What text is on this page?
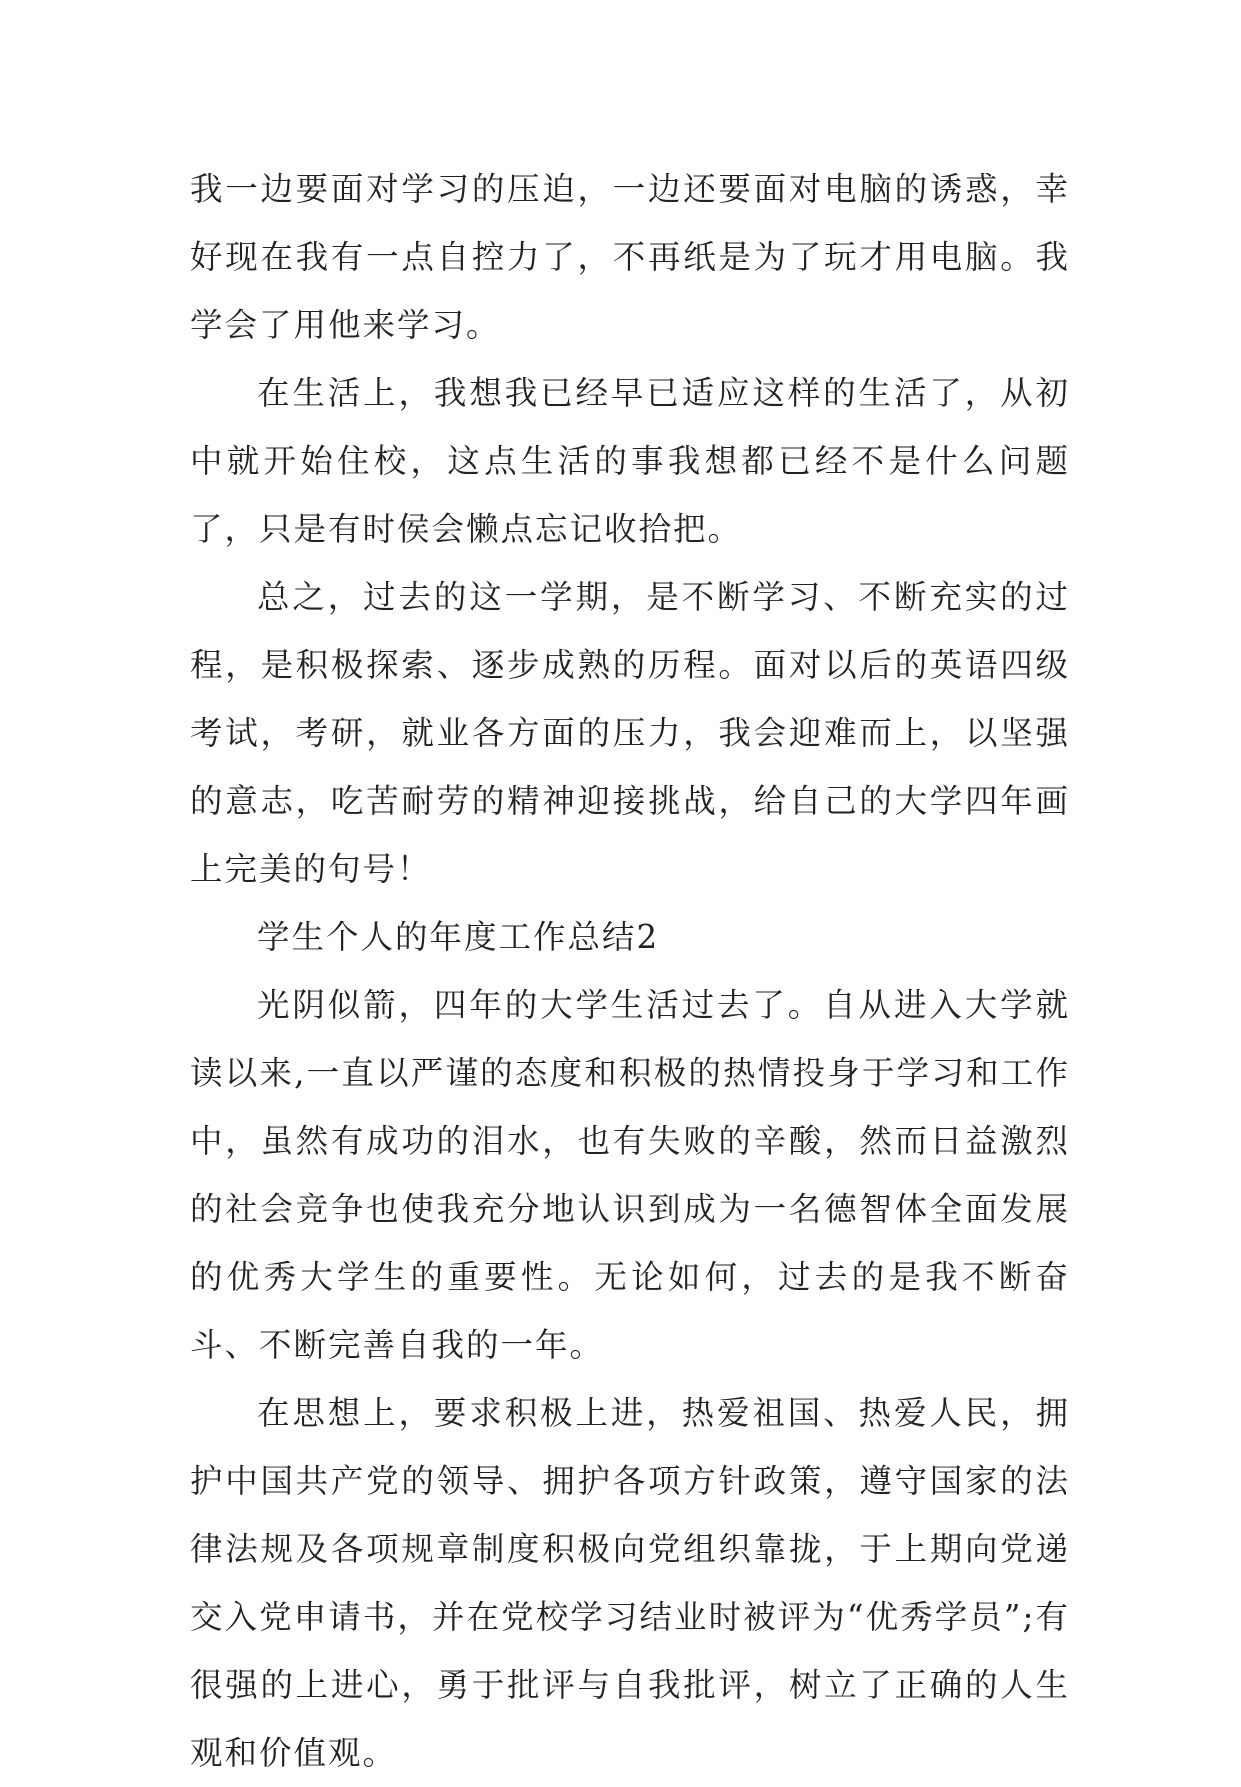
我一边要面对学习的压迫，一边还要面对电脑的诱惑，幸好现在我有一点自控力了，不再纸是为了玩才用电脑。我学会了用他来学习。

在生活上，我想我已经早已适应这样的生活了，从初中就开始住校，这点生活的事我想都已经不是什么问题了，只是有时侯会懒点忘记收拾把。

总之，过去的这一学期，是不断学习、不断充实的过程，是积极探索、逐步成熟的历程。面对以后的英语四级考试，考研，就业各方面的压力，我会迎难而上，以坚强的意志，吃苦耐劳的精神迎接挑战，给自己的大学四年画上完美的句号！

学生个人的年度工作总结2

光阴似箭，四年的大学生活过去了。自从进入大学就读以来,一直以严谨的态度和积极的热情投身于学习和工作中，虽然有成功的泪水，也有失败的辛酸，然而日益激烈的社会竞争也使我充分地认识到成为一名德智体全面发展的优秀大学生的重要性。无论如何，过去的是我不断奋斗、不断完善自我的一年。

在思想上，要求积极上进，热爱祖国、热爱人民，拥护中国共产党的领导、拥护各项方针政策，遵守国家的法律法规及各项规章制度积极向党组织靠拢，于上期向党递交入党申请书，并在党校学习结业时被评为“优秀学员”;有很强的上进心，勇于批评与自我批评，树立了正确的人生观和价值观。
